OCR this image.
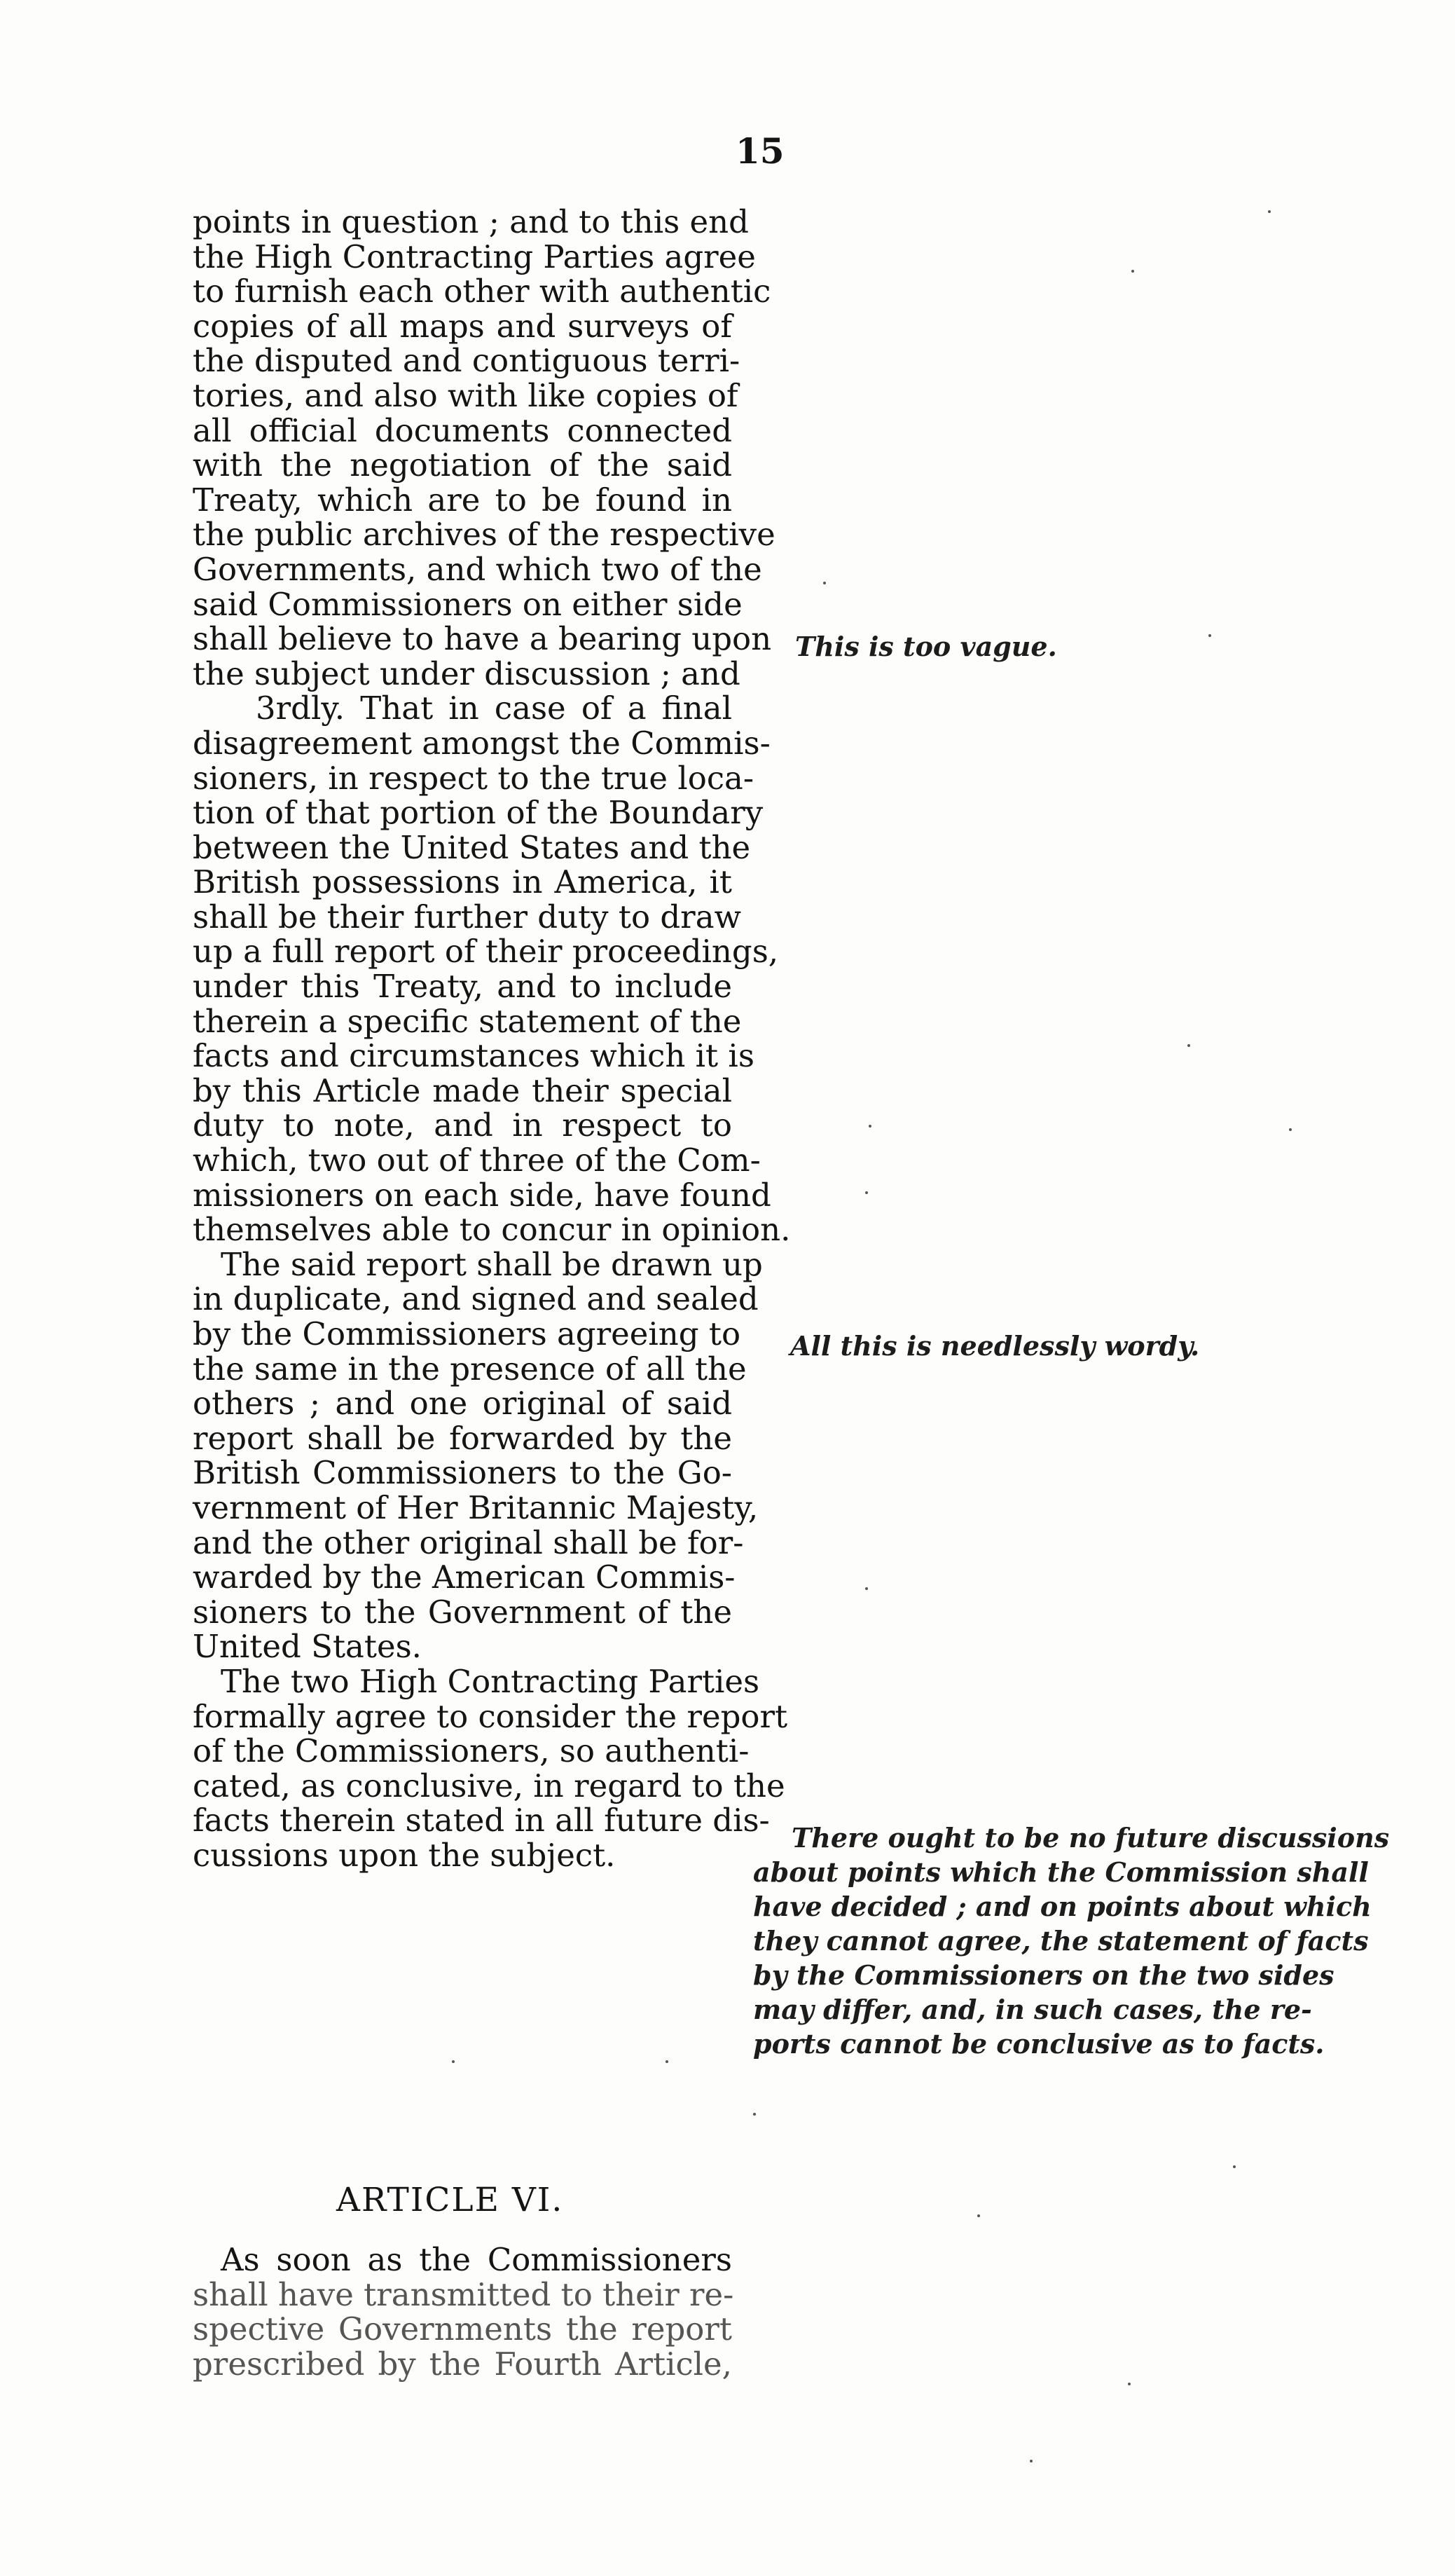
15
points in question ; and to this end
the High Contracting Parties agree
to furnish each other with authentic
copies of all maps and surveys of
the disputed and contiguous terri-
tories, and also with like copies of
all official documents connected
with the negotiation of the said
Treaty, which are to be found in
the public archives of the respective
Governments, and which two of the
said Commissioners on either side
shall believe to have a bearing upon
the subject under discussion ; and
3rdly. That in case of a final
disagreement amongst the Commis-
sioners, in respect to the true loca-
tion of that portion of the Boundary
between the United States and the
British possessions in America, it
shall be their further duty to draw
up a full report of their proceedings,
under this Treaty, and to include
therein a specific statement of the
facts and circumstances which it is
by this Article made their special
duty to note, and in respect to
which, two out of three of the Com-
missioners on each side, have found
themselves able to concur in opinion.
The said report shall be drawn up
in duplicate, and signed and sealed
by the Commissioners agreeing to
the same in the presence of all the
others ; and one original of said
report shall be forwarded by the
British Commissioners to the Go-
vernment of Her Britannic Majesty,
and the other original shall be for-
warded by the American Commis-
sioners to the Government of the
United States.
The two High Contracting Parties
formally agree to consider the report
of the Commissioners, so authenti-
cated, as conclusive, in regard to the
facts therein stated in all future dis-
cussions upon the subject.
ARTICLE VI.
As soon as the Commissioners
shall have transmitted to their re-
spective Governments the report
prescribed by the Fourth Article,
This is too vague.
All this is needlessly wordy.
There ought to be no future discussions
about points which the Commission shall
have decided ; and on points about which
they cannot agree, the statement of facts
by the Commissioners on the two sides
may differ, and, in such cases, the re-
ports cannot be conclusive as to facts.
